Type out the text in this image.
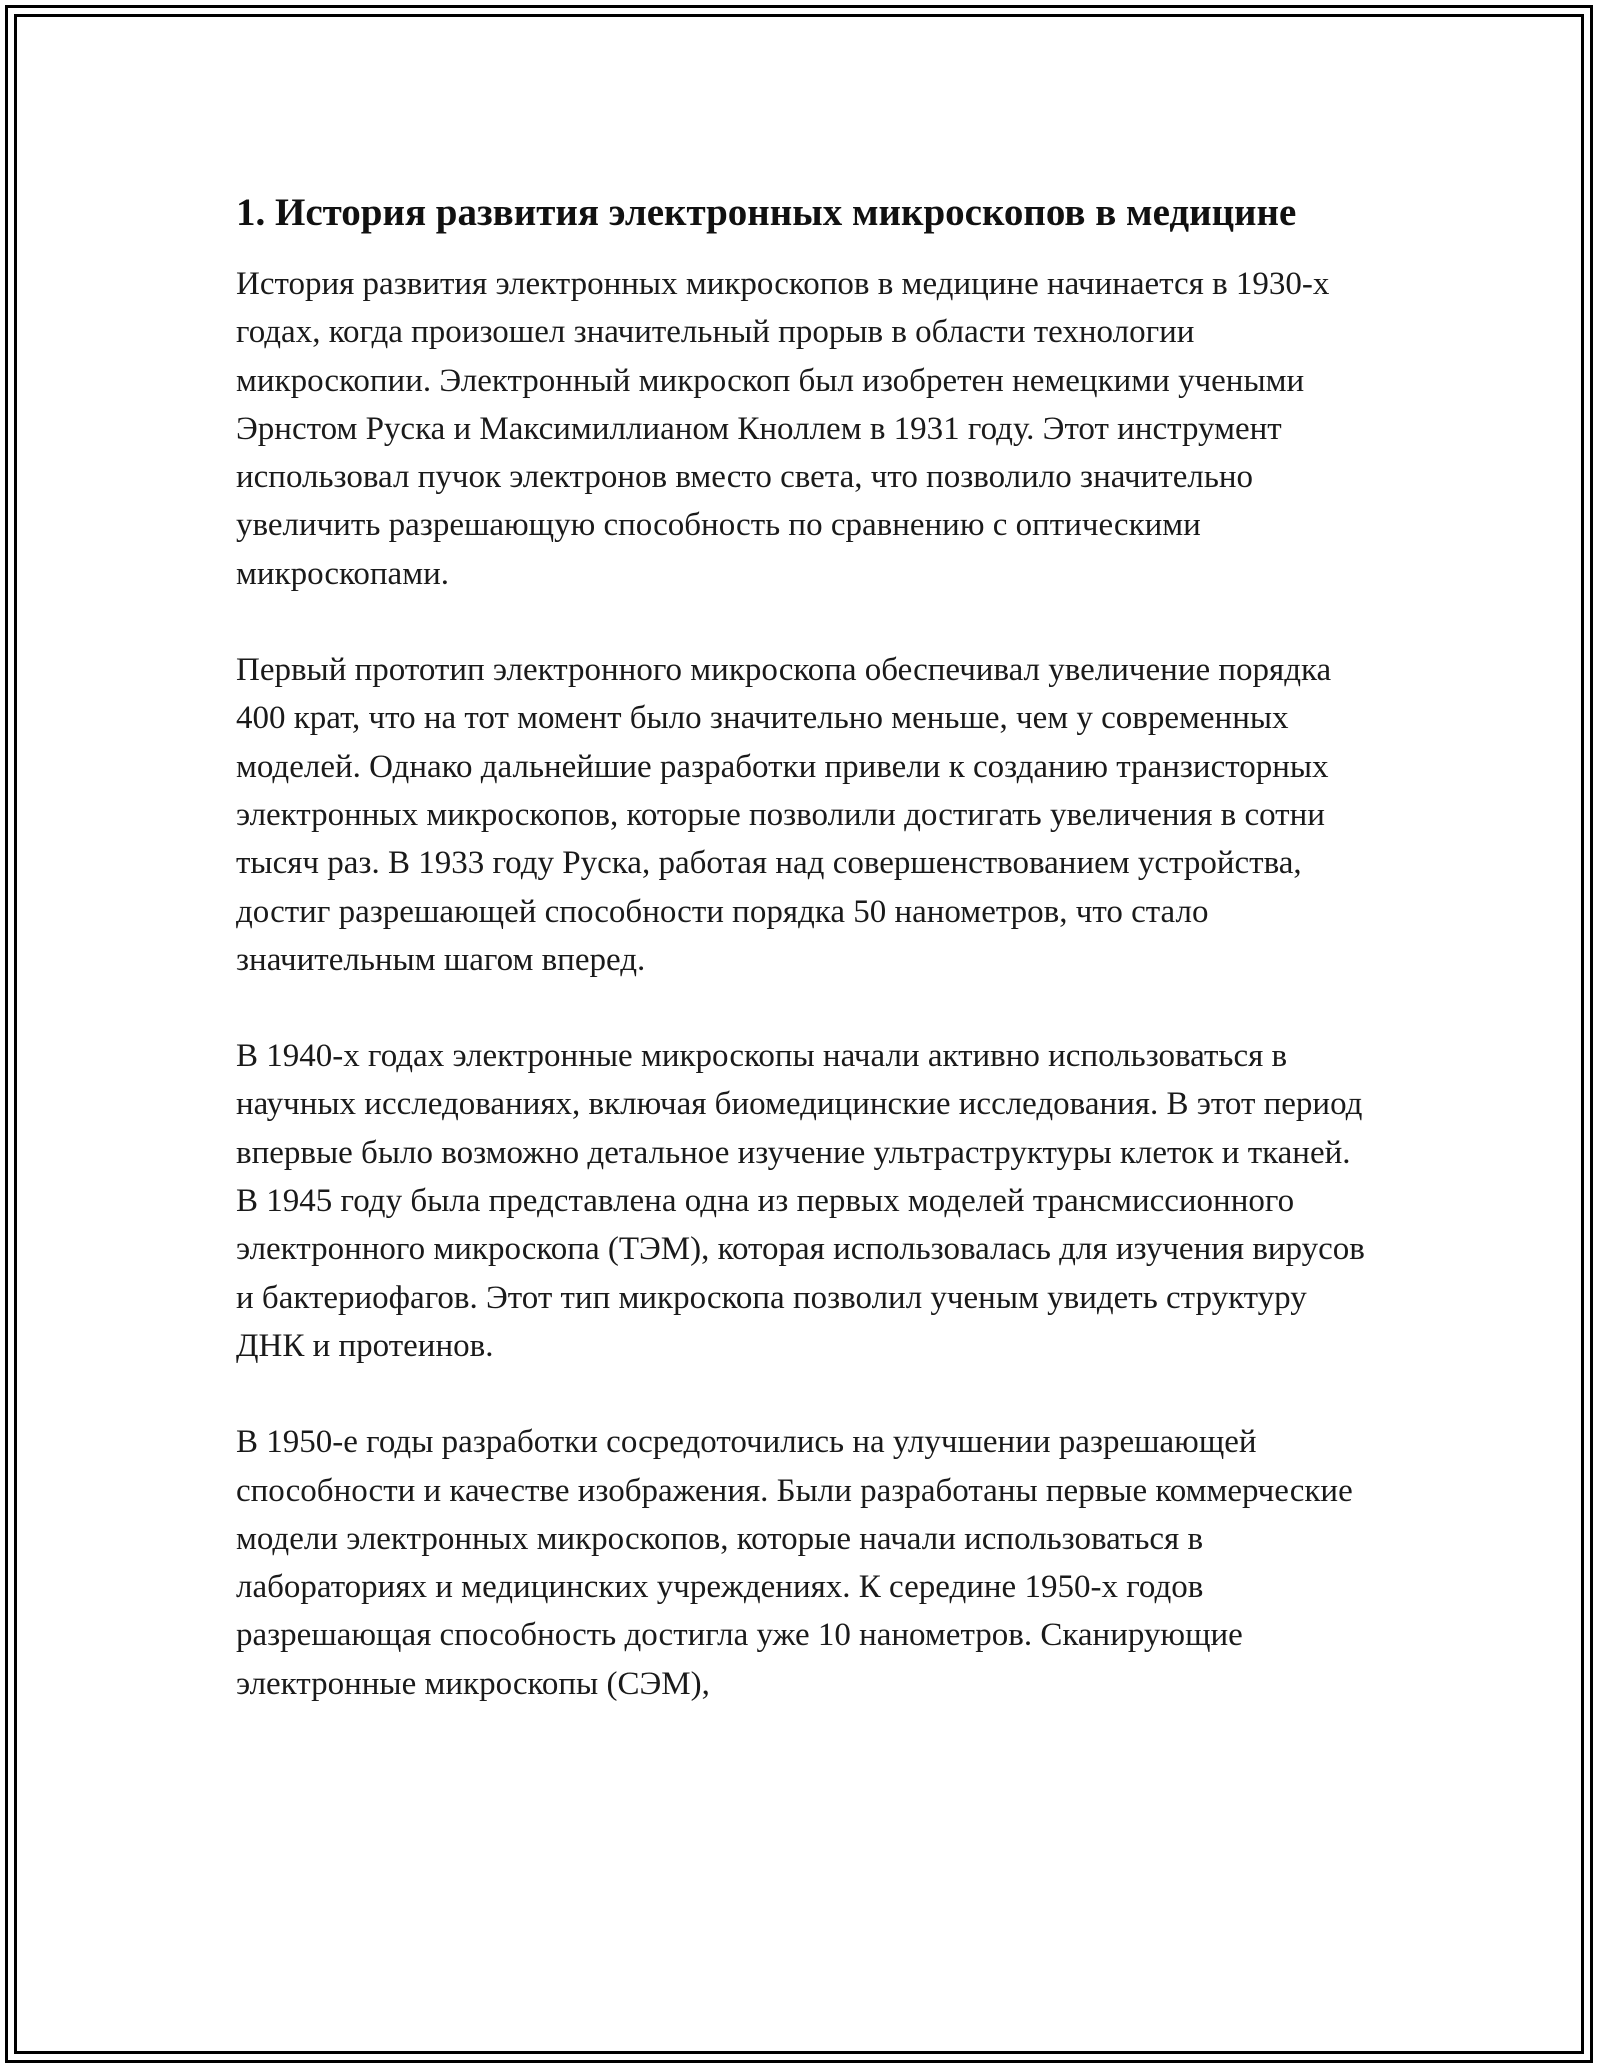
1. История развития электронных микроскопов в медицине

История развития электронных микроскопов в медицине начинается в 1930-х годах, когда произошел значительный прорыв в области технологии микроскопии. Электронный микроскоп был изобретен немецкими учеными Эрнстом Руска и Максимиллианом Кноллем в 1931 году. Этот инструмент использовал пучок электронов вместо света, что позволило значительно увеличить разрешающую способность по сравнению с оптическими микроскопами.

Первый прототип электронного микроскопа обеспечивал увеличение порядка 400 крат, что на тот момент было значительно меньше, чем у современных моделей. Однако дальнейшие разработки привели к созданию транзисторных электронных микроскопов, которые позволили достигать увеличения в сотни тысяч раз. В 1933 году Руска, работая над совершенствованием устройства, достиг разрешающей способности порядка 50 нанометров, что стало значительным шагом вперед.

В 1940-х годах электронные микроскопы начали активно использоваться в научных исследованиях, включая биомедицинские исследования. В этот период впервые было возможно детальное изучение ультраструктуры клеток и тканей. В 1945 году была представлена одна из первых моделей трансмиссионного электронного микроскопа (ТЭМ), которая использовалась для изучения вирусов и бактериофагов. Этот тип микроскопа позволил ученым увидеть структуру ДНК и протеинов.

В 1950-е годы разработки сосредоточились на улучшении разрешающей способности и качестве изображения. Были разработаны первые коммерческие модели электронных микроскопов, которые начали использоваться в лабораториях и медицинских учреждениях. К середине 1950-х годов разрешающая способность достигла уже 10 нанометров. Сканирующие электронные микроскопы (СЭМ),
